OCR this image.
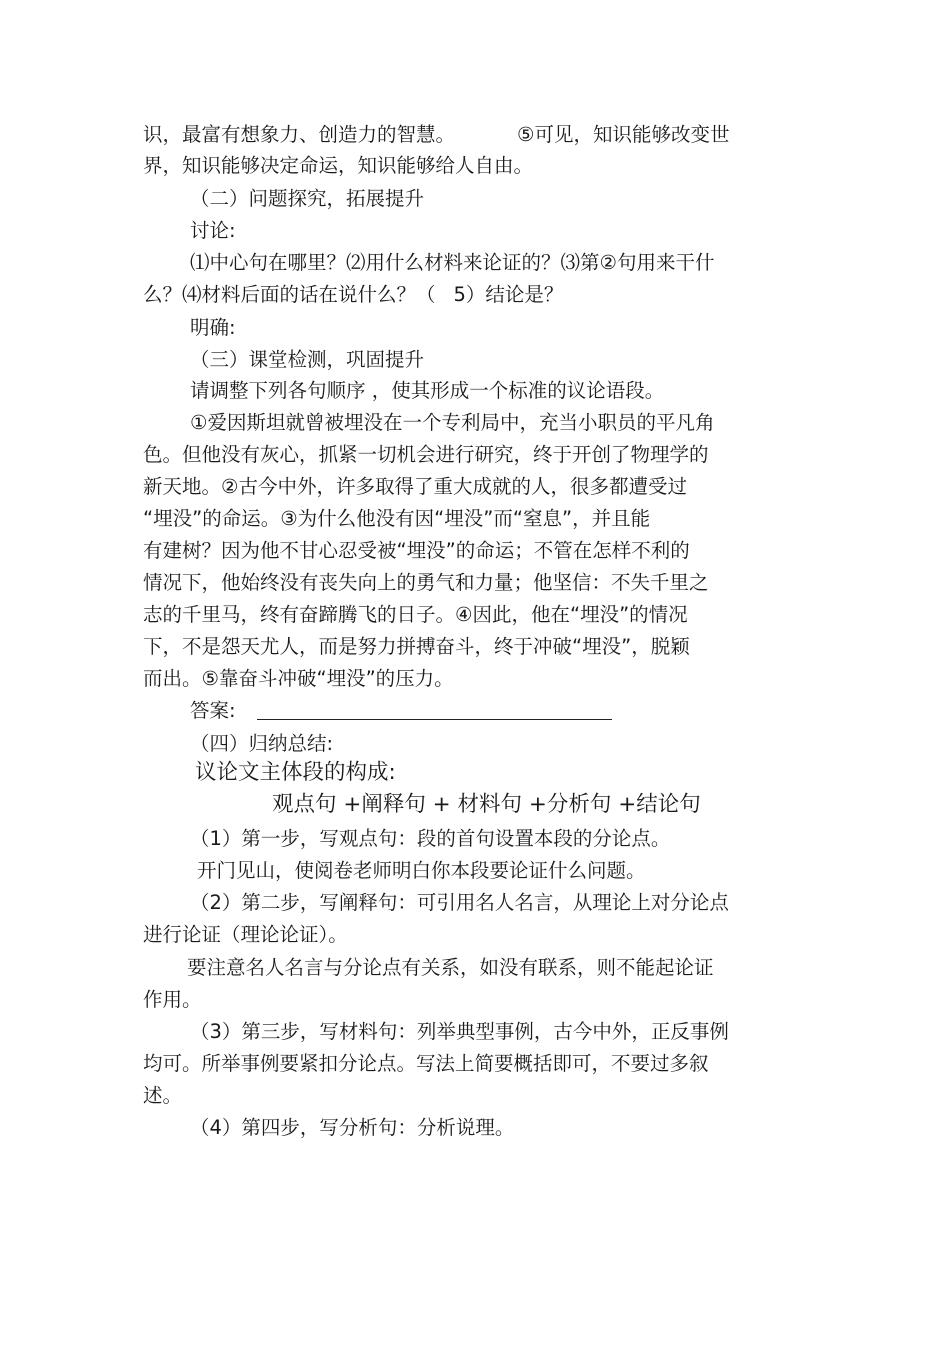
识，最富有想象力、创造力的智慧。	⑤可见，知识能够改变世
界，知识能够决定命运，知识能够给人自由。
（二）问题探究，拓展提升
讨论:
⑴中心句在哪里？⑵用什么材料来论证的？⑶第②句用来干什
么？⑷材料后面的话在说什么？（ 5）结论是？
明确:
（三）课堂检测，巩固提升
请调整下列各句顺序 ，使其形成一个标准的议论语段。
①爱因斯坦就曾被埋没在一个专利局中，充当小职员的平凡角
色。但他没有灰心，抓紧一切机会进行研究，终于开创了物理学的
新天地。②古今中外，许多取得了重大成就的人，很多都遭受过
“埋没”的命运。③为什么他没有因“埋没”而“窒息”，并且能
有建树？因为他不甘心忍受被“埋没”的命运；不管在怎样不利的
情况下，他始终没有丧失向上的勇气和力量；他坚信：不失千里之
志的千里马，终有奋蹄腾飞的日子。④因此，他在“埋没”的情况
下，不是怨天尤人，而是努力拼搏奋斗，终于冲破“埋没”，脱颖
而出。⑤靠奋斗冲破“埋没”的压力。
答案:
（四）归纳总结:
议论文主体段的构成:
观点句 +阐释句 + 材料句 +分析句 +结论句
（1）第一步，写观点句：段的首句设置本段的分论点。
开门见山，使阅卷老师明白你本段要论证什么问题。
（2）第二步，写阐释句：可引用名人名言，从理论上对分论点
进行论证（理论论证）。
要注意名人名言与分论点有关系，如没有联系，则不能起论证
作用。
（3）第三步，写材料句：列举典型事例，古今中外，正反事例
均可。所举事例要紧扣分论点。写法上简要概括即可，不要过多叙
述。
（4）第四步，写分析句：分析说理。
